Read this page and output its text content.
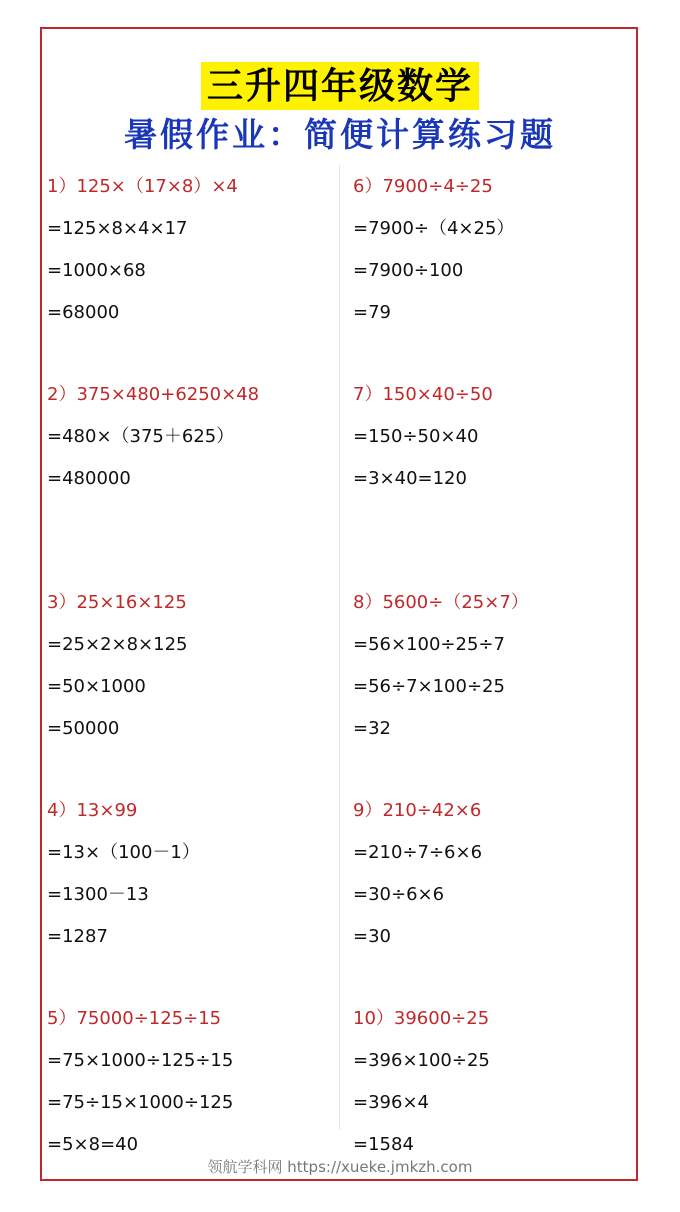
三升四年级数学
暑假作业：简便计算练习题
1）125×（17×8）×4
=125×8×4×17
=1000×68
=68000
2）375×480+6250×48
=480×（375＋625）
=480000
3）25×16×125
=25×2×8×125
=50×1000
=50000
4）13×99
=13×（100－1）
=1300－13
=1287
5）75000÷125÷15
=75×1000÷125÷15
=75÷15×1000÷125
=5×8=40
6）7900÷4÷25
=7900÷（4×25）
=7900÷100
=79
7）150×40÷50
=150÷50×40
=3×40=120
8）5600÷（25×7）
=56×100÷25÷7
=56÷7×100÷25
=32
9）210÷42×6
=210÷7÷6×6
=30÷6×6
=30
10）39600÷25
=396×100÷25
=396×4
=1584
领航学科网 https://xueke.jmkzh.com
